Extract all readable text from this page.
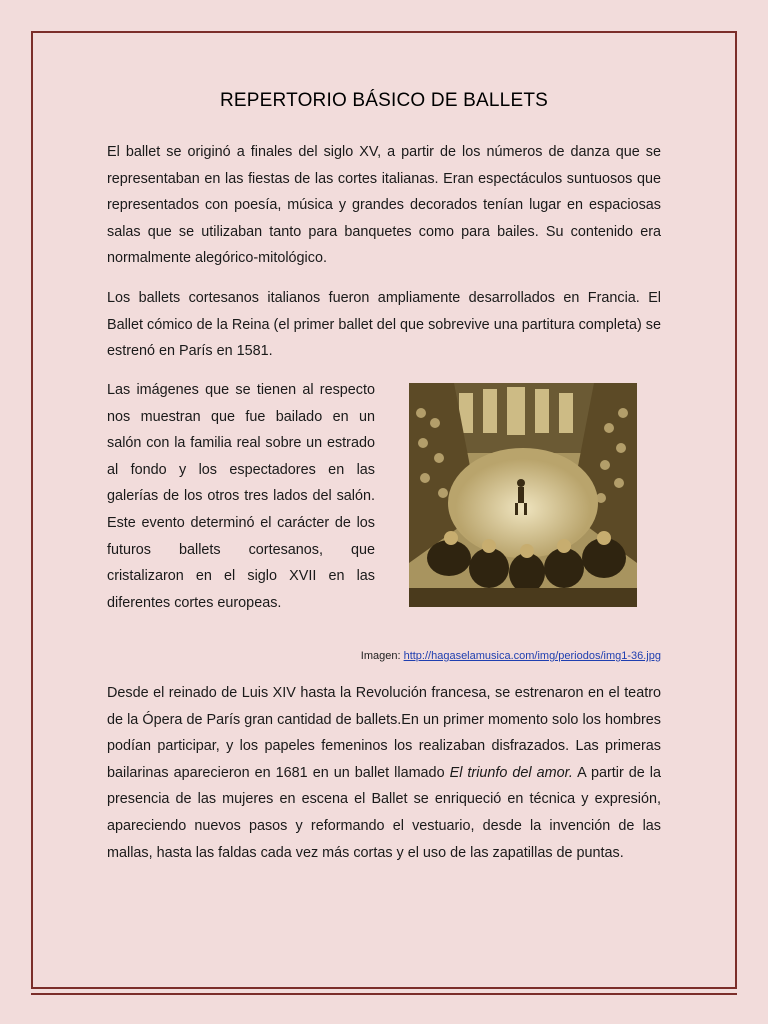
REPERTORIO BÁSICO DE BALLETS

El ballet se originó a finales del siglo XV, a partir de los números de danza que se representaban en las fiestas de las cortes italianas. Eran espectáculos suntuosos que representados con poesía, música y grandes decorados tenían lugar en espaciosas salas que se utilizaban tanto para banquetes como para bailes. Su contenido era normalmente alegórico-mitológico.

Los ballets cortesanos italianos fueron ampliamente desarrollados en Francia. El Ballet cómico de la Reina (el primer ballet del que sobrevive una partitura completa) se estrenó en París en 1581.

Las imágenes que se tienen al respecto nos muestran que fue bailado en un salón con la familia real sobre un estrado al fondo y los espectadores en las galerías de los otros tres lados del salón. Este evento determinó el carácter de los futuros ballets cortesanos, que cristalizaron en el siglo XVII en las diferentes cortes europeas.

Imagen: http://hagaselamusica.com/img/periodos/img1-36.jpg

Desde el reinado de Luis XIV hasta la Revolución francesa, se estrenaron en el teatro de la Ópera de París gran cantidad de ballets.En un primer momento solo los hombres podían participar, y los papeles femeninos los realizaban disfrazados. Las primeras bailarinas aparecieron en 1681 en un ballet llamado El triunfo del amor. A partir de la presencia de las mujeres en escena el Ballet se enriqueció en técnica y expresión, apareciendo nuevos pasos y reformando el vestuario, desde la invención de las mallas, hasta las faldas cada vez más cortas y el uso de las zapatillas de puntas.
